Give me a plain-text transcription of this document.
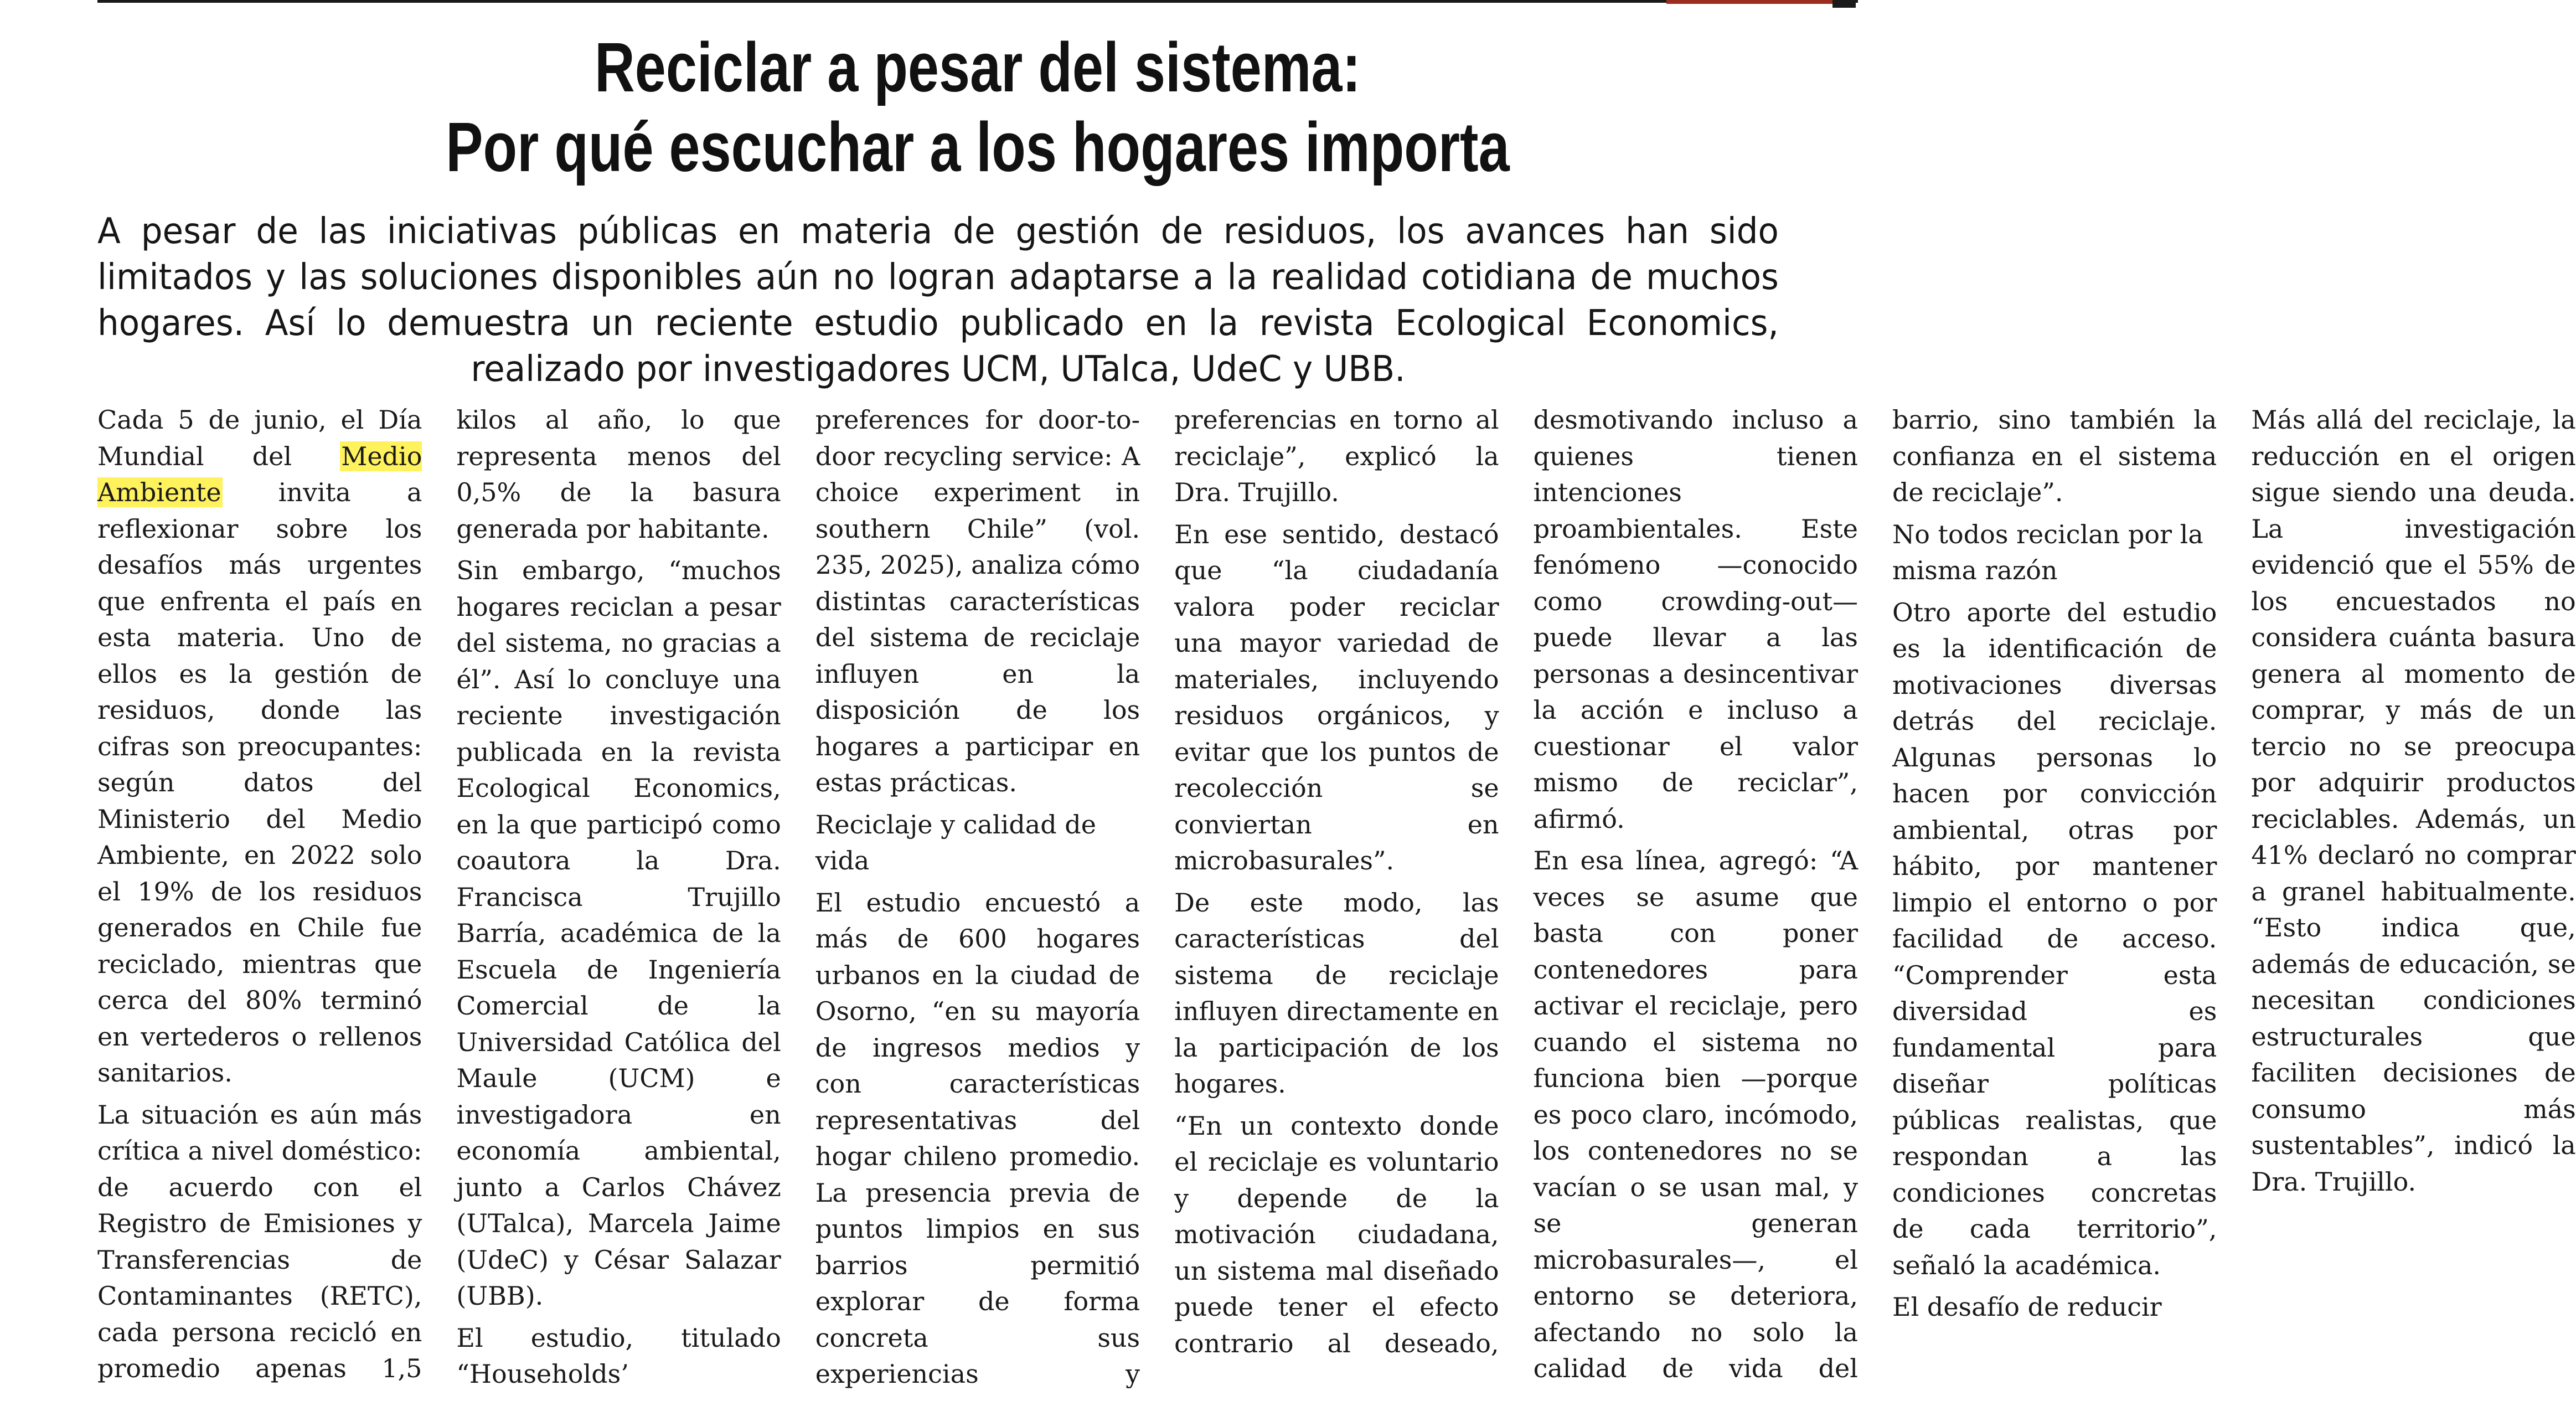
Reciclar a pesar del sistema:
Por qué escuchar a los hogares importa

A pesar de las iniciativas públicas en materia de gestión de residuos, los avances han sido limitados y las soluciones disponibles aún no logran adaptarse a la realidad cotidiana de muchos hogares. Así lo demuestra un reciente estudio publicado en la revista Ecological Economics, realizado por investigadores UCM, UTalca, UdeC y UBB.

Cada 5 de junio, el Día Mundial del Medio Ambiente invita a reflexionar sobre los desafíos más urgentes que enfrenta el país en esta materia. Uno de ellos es la gestión de residuos, donde las cifras son preocupantes: según datos del Ministerio del Medio Ambiente, en 2022 solo el 19% de los residuos generados en Chile fue reciclado, mientras que cerca del 80% terminó en vertederos o rellenos sanitarios.

La situación es aún más crítica a nivel doméstico: de acuerdo con el Registro de Emisiones y Transferencias de Contaminantes (RETC), cada persona recicló en promedio apenas 1,5 kilos al año, lo que representa menos del 0,5% de la basura generada por habitante.

Sin embargo, “muchos hogares reciclan a pesar del sistema, no gracias a él”. Así lo concluye una reciente investigación publicada en la revista Ecological Economics, en la que participó como coautora la Dra. Francisca Trujillo Barría, académica de la Escuela de Ingeniería Comercial de la Universidad Católica del Maule (UCM) e investigadora en economía ambiental, junto a Carlos Chávez (UTalca), Marcela Jaime (UdeC) y César Salazar (UBB).

El estudio, titulado “Households’ preferences for door-to-door recycling service: A choice experiment in southern Chile” (vol. 235, 2025), analiza cómo distintas características del sistema de reciclaje influyen en la disposición de los hogares a participar en estas prácticas.

Reciclaje y calidad de vida

El estudio encuestó a más de 600 hogares urbanos en la ciudad de Osorno, “en su mayoría de ingresos medios y con características representativas del hogar chileno promedio. La presencia previa de puntos limpios en sus barrios permitió explorar de forma concreta sus experiencias y preferencias en torno al reciclaje”, explicó la Dra. Trujillo.

En ese sentido, destacó que “la ciudadanía valora poder reciclar una mayor variedad de materiales, incluyendo residuos orgánicos, y evitar que los puntos de recolección se conviertan en microbasurales”.

De este modo, las características del sistema de reciclaje influyen directamente en la participación de los hogares.

“En un contexto donde el reciclaje es voluntario y depende de la motivación ciudadana, un sistema mal diseñado puede tener el efecto contrario al deseado, desmotivando incluso a quienes tienen intenciones proambientales. Este fenómeno —conocido como crowding-out— puede llevar a las personas a desincentivar la acción e incluso a cuestionar el valor mismo de reciclar”, afirmó.

En esa línea, agregó: “A veces se asume que basta con poner contenedores para activar el reciclaje, pero cuando el sistema no funciona bien —porque es poco claro, incómodo, los contenedores no se vacían o se usan mal, y se generan microbasurales—, el entorno se deteriora, afectando no solo la calidad de vida del barrio, sino también la confianza en el sistema de reciclaje”.

No todos reciclan por la misma razón

Otro aporte del estudio es la identificación de motivaciones diversas detrás del reciclaje. Algunas personas lo hacen por convicción ambiental, otras por hábito, por mantener limpio el entorno o por facilidad de acceso. “Comprender esta diversidad es fundamental para diseñar políticas públicas realistas, que respondan a las condiciones concretas de cada territorio”, señaló la académica.

El desafío de reducir

Más allá del reciclaje, la reducción en el origen sigue siendo una deuda. La investigación evidenció que el 55% de los encuestados no considera cuánta basura genera al momento de comprar, y más de un tercio no se preocupa por adquirir productos reciclables. Además, un 41% declaró no comprar a granel habitualmente. “Esto indica que, además de educación, se necesitan condiciones estructurales que faciliten decisiones de consumo más sustentables”, indicó la Dra. Trujillo.
